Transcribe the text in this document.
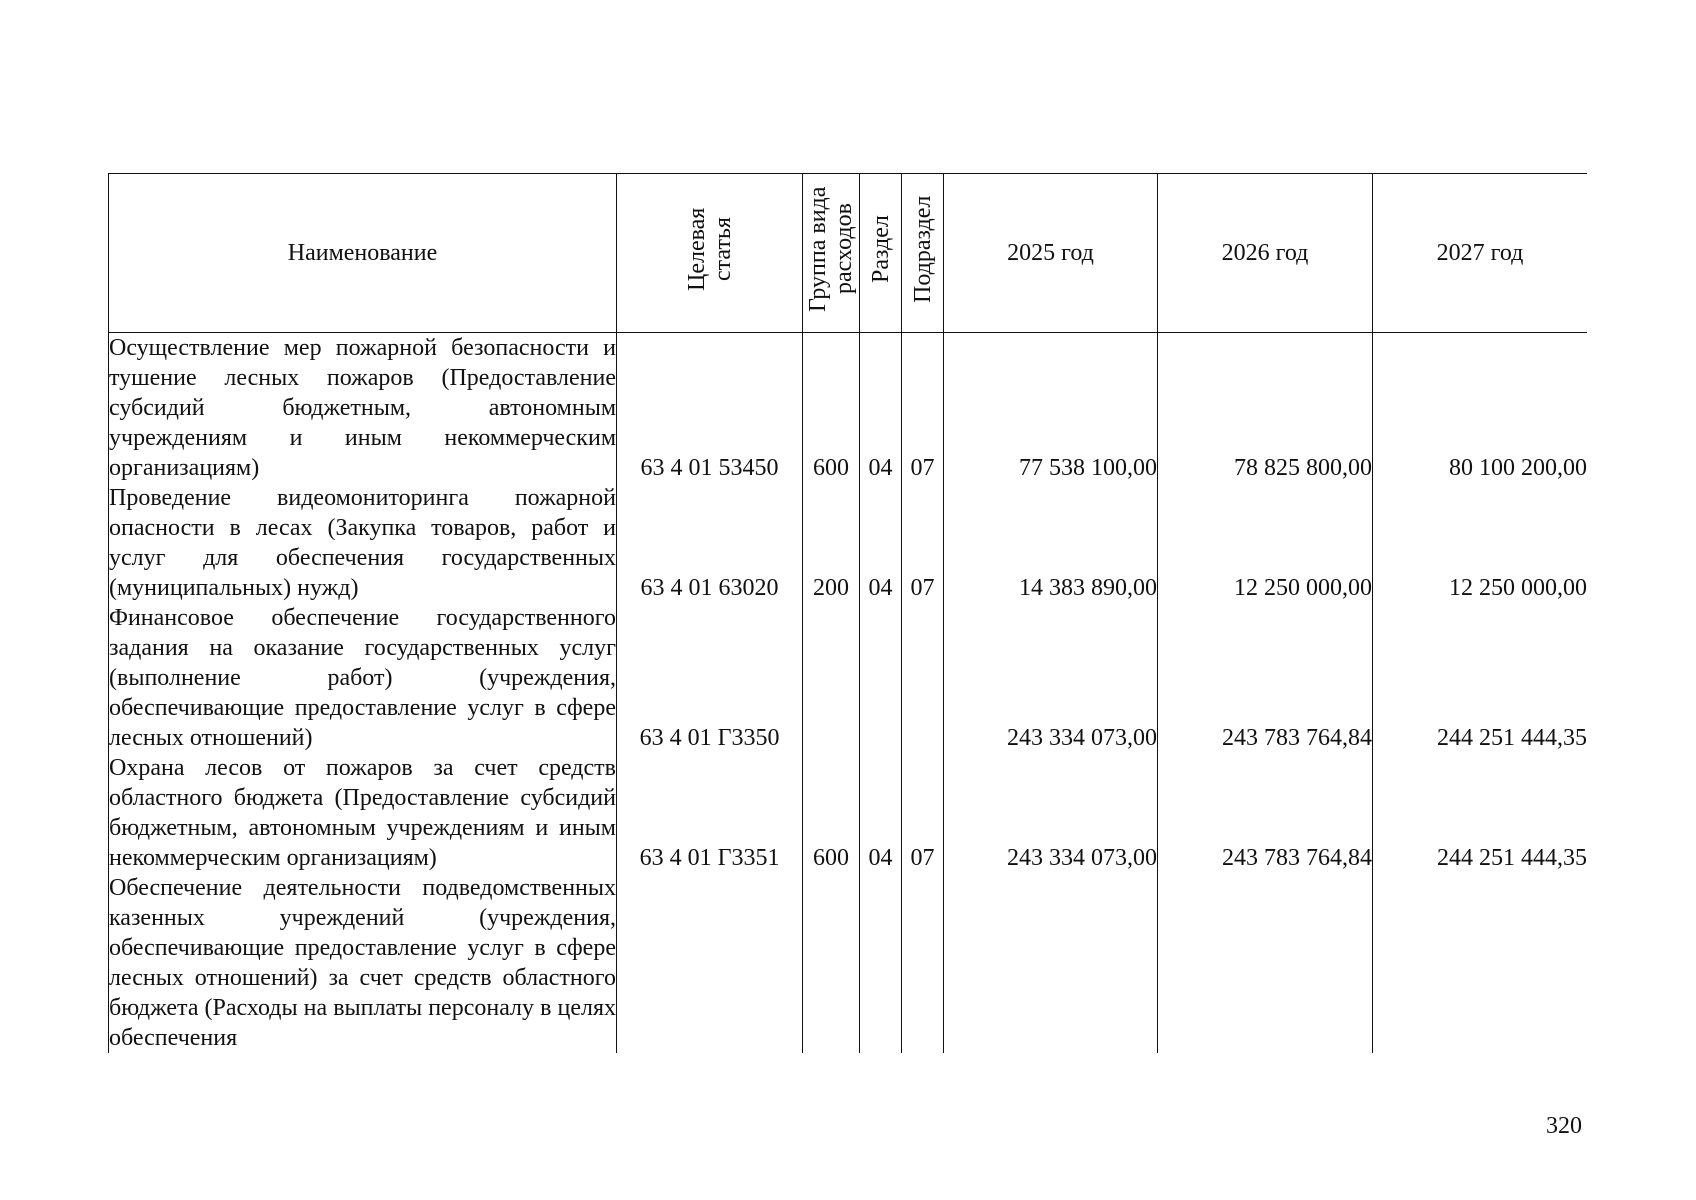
Наименование	Целевая статья	Группа вида расходов	Раздел	Подраздел	2025 год	2026 год	2027 год
Осуществление мер пожарной безопасности и тушение лесных пожаров (Предоставление субсидий бюджетным, автономным учреждениям и иным некоммерческим организациям)	63 4 01 53450	600	04	07	77 538 100,00	78 825 800,00	80 100 200,00
Проведение видеомониторинга пожарной опасности в лесах (Закупка товаров, работ и услуг для обеспечения государственных (муниципальных) нужд)	63 4 01 63020	200	04	07	14 383 890,00	12 250 000,00	12 250 000,00
Финансовое обеспечение государственного задания на оказание государственных услуг (выполнение работ) (учреждения, обеспечивающие предоставление услуг в сфере лесных отношений)	63 4 01 Г3350				243 334 073,00	243 783 764,84	244 251 444,35
Охрана лесов от пожаров за счет средств областного бюджета (Предоставление субсидий бюджетным, автономным учреждениям и иным некоммерческим организациям)	63 4 01 Г3351	600	04	07	243 334 073,00	243 783 764,84	244 251 444,35
Обеспечение деятельности подведомственных казенных учреждений (учреждения, обеспечивающие предоставление услуг в сфере лесных отношений) за счет средств областного бюджета (Расходы на выплаты персоналу в целях обеспечения							
320
